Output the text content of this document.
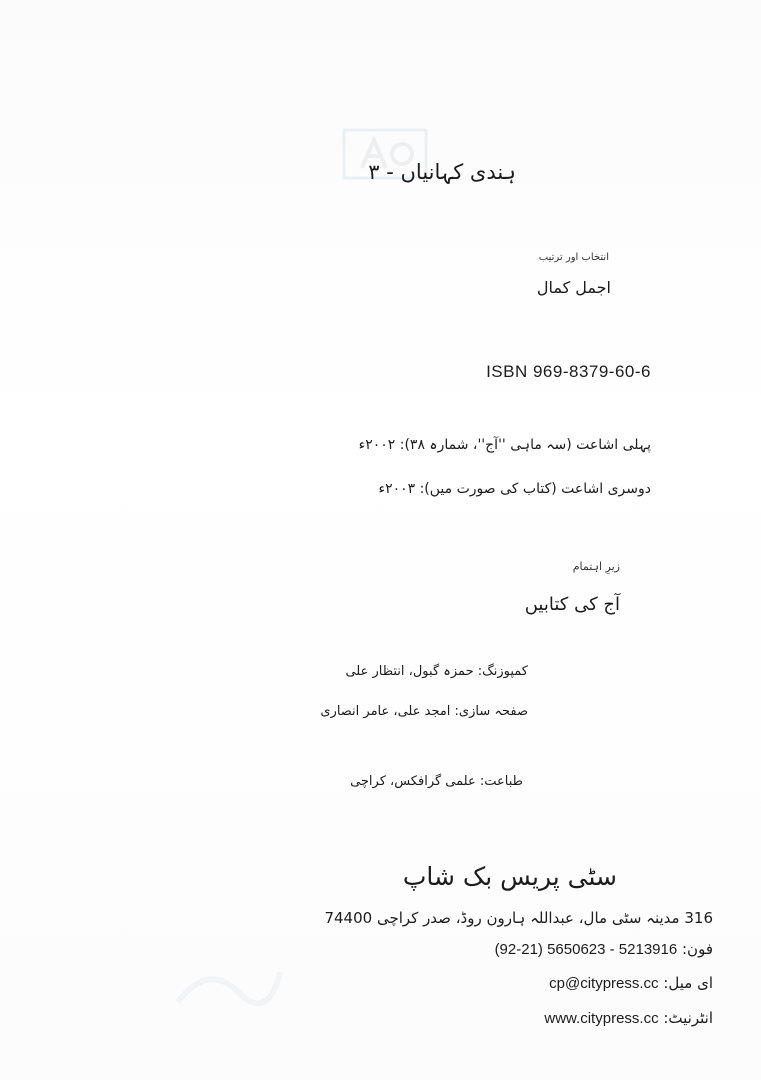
ہندی کہانیاں - ۳
انتخاب اور ترتیب
اجمل کمال
ISBN 969-8379-60-6
پہلی اشاعت (سہ ماہی ''آج''، شمارہ ۳۸): ۲۰۰۲ء
دوسری اشاعت (کتاب کی صورت میں): ۲۰۰۳ء
زیرِ اہتمام
آج کی کتابیں
کمپوزنگ: حمزہ گبول، انتظار علی
صفحہ سازی: امجد علی، عامر انصاری
طباعت: علمی گرافکس، کراچی
سٹی پریس بک شاپ
316 مدینہ سٹی مال، عبداللہ ہارون روڈ، صدر کراچی 74400
فون: (92-21) 5650623 - 5213916
ای میل: cp@citypress.cc
انٹرنیٹ: www.citypress.cc
